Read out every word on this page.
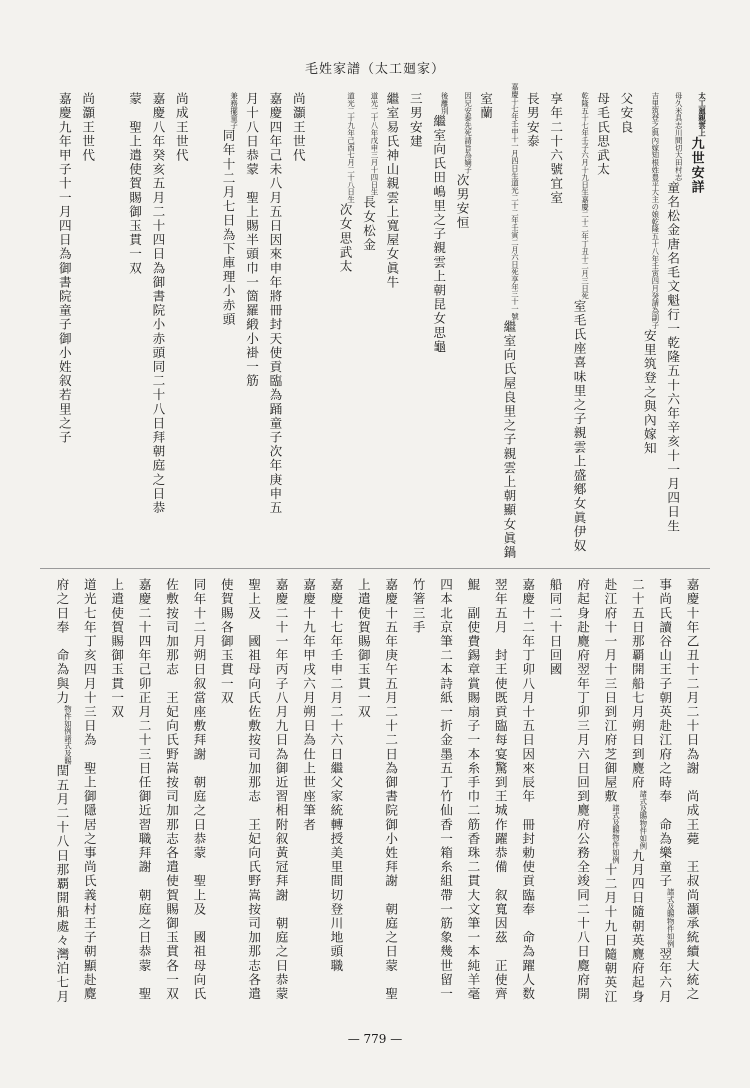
毛姓家譜（太工廻家）
九世安詳太工廻親雲上
童名松金唐名毛文魁行一乾隆五十六年辛亥十一月四日生母久米具志川間切大田村志
安里筑登之與內嫁知吉里筑登之與內嫁知根姓豊平大主の娘乾隆五十八年壬寅四月癸請為副子
父安良
母毛氏思武太
室毛氏座喜味里之子親雲上盛鄕女眞伊奴乾隆五十七年壬子六月十九日生嘉慶二十二年丁丑十二月三日死
享年二十六號宜室
長男安泰
繼室向氏屋良里之子親雲上朝顯女眞鍋嘉慶十七年壬申十一月四日生道光二十二年壬寅二月六日死享年三十一號
室蘭
次男安恒因兄安泰先死請旨為嫡子
繼室向氏田嶋里之子親雲上朝昆女思龜後離別
三男安建
繼室易氏神山親雲上寬屋女眞牛
長女松金道光二十八年戊申三月十四日生
次女思武太道光二十九年己酉七月二十八日生
尚灝王世代
嘉慶四年己未八月五日因來申年將冊封天使貢臨為踊童子次年庚申五
月十八日恭蒙　聖上賜半頭巾一箇羅緞小褂一筋
同年十二月七日為下庫理小赤頭兼務擺童子
尚成王世代
嘉慶八年癸亥五月二十四日為御書院小赤頭同二十八日拜朝庭之日恭
蒙　聖上遣使賀賜御玉貫一双
尚灝王世代
嘉慶九年甲子十一月四日為御書院童子御小姓叙若里之子
嘉慶十年乙丑十二月二十日為謝　尚成王薨　王叔尚灝承統續大統之
事尚氏讀谷山王子朝英赴江府之時奉　命為樂童子諸式及賜物件如例翌年六月
二十五日那覇開船七月朔日到麑府諸式及賜物件如例九月四日隨朝英麑府起身
赴江府十一月十三日到江府芝御屋敷諸式及賜物件如例十二月十九日隨朝英江
府起身赴麑府翌年丁卯三月六日回到麑府公務全竣同二十八日麑府開
船同二十日回國
嘉慶十二年丁卯八月十五日因來辰年　冊封勅使貢臨奉　命為躍人数
翌年五月　封王使既貢臨每宴驚到王城作躍恭備　叙寬因茲　正使齊
鯤　副使費錫章賞賜扇子一本糸手巾二筋香珠二貫大文筆一本純羊毫
四本北京筆二本詩紙一折金墨五丁竹仙香一箱糸組帶一筋象幾世留一
竹箸三手
嘉慶十五年庚午五月二十二日為御書院御小姓拜謝　朝庭之日蒙　聖
上遣使賀賜御玉貫一双
嘉慶十七年壬申二月二十六日繼父家統轉授美里間切登川地頭職
嘉慶十九年甲戌六月朔日為仕上世座筆者
嘉慶二十一年丙子八月九日為御近習相附叙黃冠拜謝　朝庭之日恭蒙
聖上及　國祖母向氏佐敷按司加那志　王妃向氏野嵩按司加那志各遣
使賀賜各御玉貫一双
同年十二月朔日叙當座敷拜謝　朝庭之日恭蒙　聖上及　國祖母向氏
佐敷按司加那志　王妃向氏野嵩按司加那志各遣使賀賜御玉貫各一双
嘉慶二十四年己卯正月二十三日任御近習職拜謝　朝庭之日恭蒙　聖
上遣使賀賜御玉貫一双
道光七年丁亥四月十三日為　聖上御隱居之事尚氏義村王子朝顯赴麑
府之日奉　命為與力物件如例諸式及賜閏五月二十八日那覇開船處々灣泊七月
— 779 —
